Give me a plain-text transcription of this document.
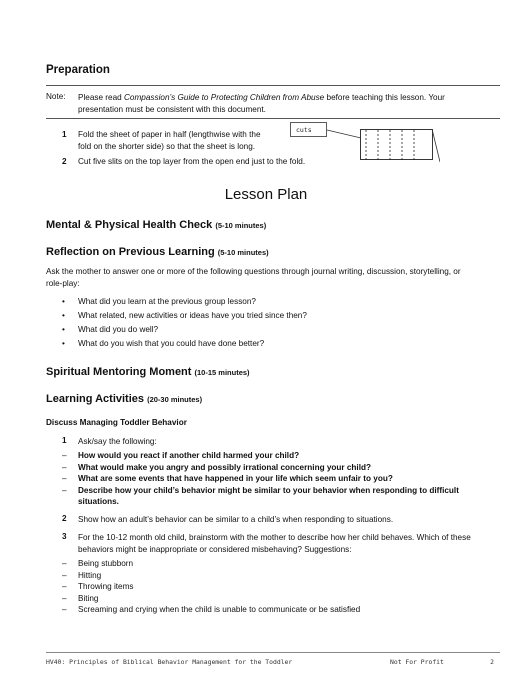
Preparation
Note: Please read Compassion’s Guide to Protecting Children from Abuse before teaching this lesson. Your presentation must be consistent with this document.
1 Fold the sheet of paper in half (lengthwise with the
fold on the shorter side) so that the sheet is long.
2 Cut five slits on the top layer from the open end just to the fold.
cuts
Lesson Plan
Mental & Physical Health Check (5-10 minutes)
Reflection on Previous Learning (5-10 minutes)
Ask the mother to answer one or more of the following questions through journal writing, discussion, storytelling, or role-play:
• What did you learn at the previous group lesson?
• What related, new activities or ideas have you tried since then?
• What did you do well?
• What do you wish that you could have done better?
Spiritual Mentoring Moment (10-15 minutes)
Learning Activities (20-30 minutes)
Discuss Managing Toddler Behavior
1 Ask/say the following:
– How would you react if another child harmed your child?
– What would make you angry and possibly irrational concerning your child?
– What are some events that have happened in your life which seem unfair to you?
– Describe how your child’s behavior might be similar to your behavior when responding to difficult situations.
2 Show how an adult’s behavior can be similar to a child’s when responding to situations.
3 For the 10-12 month old child, brainstorm with the mother to describe how her child behaves. Which of these behaviors might be inappropriate or considered misbehaving? Suggestions:
– Being stubborn
– Hitting
– Throwing items
– Biting
– Screaming and crying when the child is unable to communicate or be satisfied
HV40: Principles of Biblical Behavior Management for the Toddler	Not For Profit	2
